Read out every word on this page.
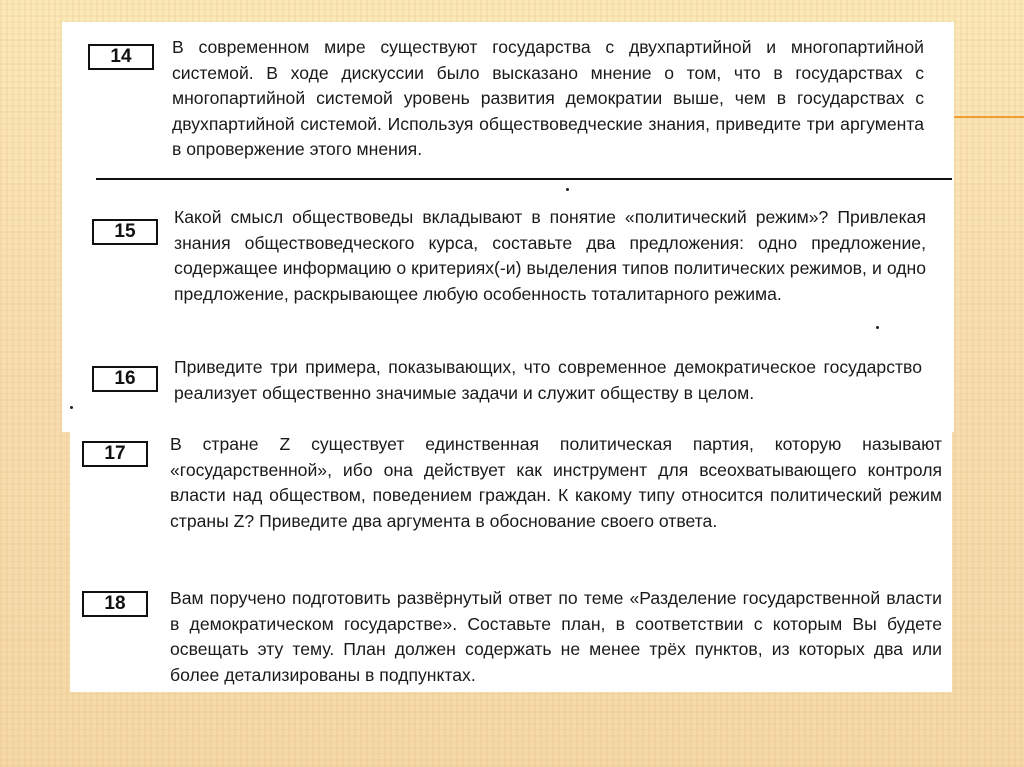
14	В современном мире существуют государства с двухпартийной и многопартийной системой. В ходе дискуссии было высказано мнение о том, что в государствах с многопартийной системой уровень развития демократии выше, чем в государствах с двухпартийной системой. Используя обществоведческие знания, приведите три аргумента в опровержение этого мнения.

15

Какой смысл обществоведы вкладывают в понятие «политический режим»? Привлекая знания обществоведческого курса, составьте два предложения: одно предложение, содержащее информацию о критериях(-и) выделения типов политических режимов, и одно предложение, раскрывающее любую особенность тоталитарного режима.

16

Приведите три примера, показывающих, что современное демократическое государство реализует общественно значимые задачи и служит обществу в целом.

17	В стране Z существует единственная политическая партия, которую называют «государственной», ибо она действует как инструмент для всеохватывающего контроля власти над обществом, поведением граждан. К какому типу относится политический режим страны Z? Приведите два аргумента в обоснование своего ответа.

18	Вам поручено подготовить развёрнутый ответ по теме «Разделение государственной власти в демократическом государстве». Составьте план, в соответствии с которым Вы будете освещать эту тему. План должен содержать не менее трёх пунктов, из которых два или более детализированы в подпунктах.
